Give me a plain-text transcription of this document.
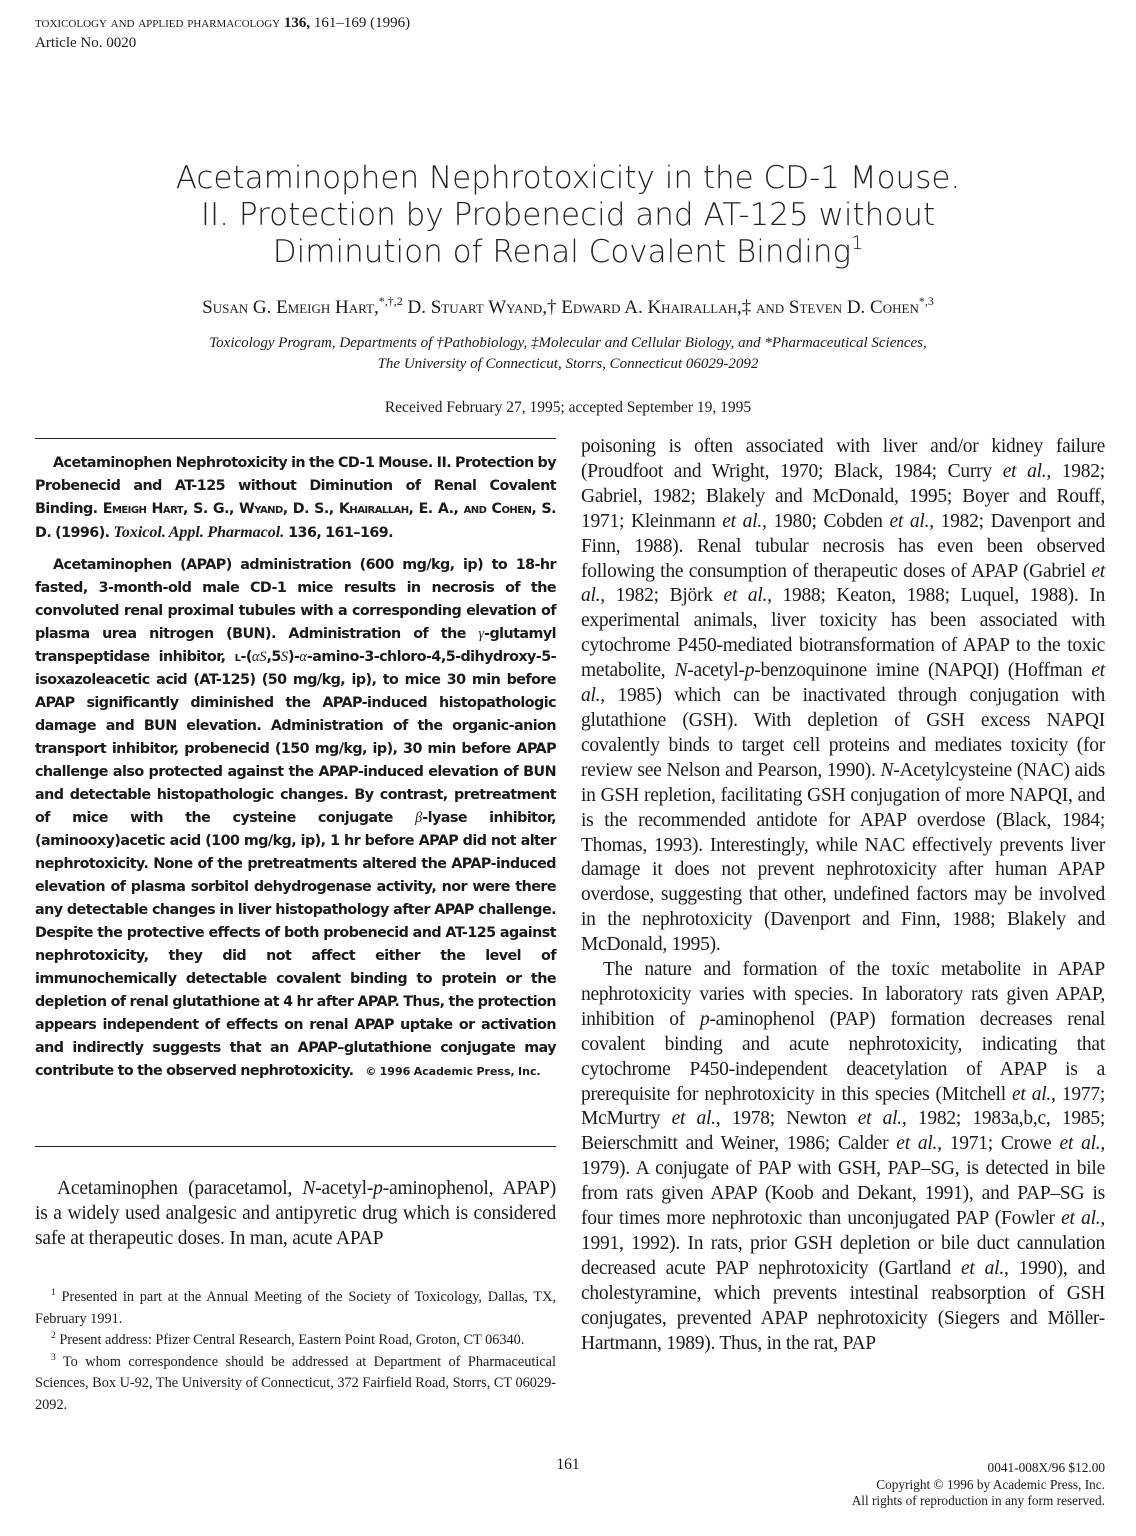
toxicology and applied pharmacology 136, 161–169 (1996)
Article No. 0020
Acetaminophen Nephrotoxicity in the CD-1 Mouse.
II. Protection by Probenecid and AT-125 without
Diminution of Renal Covalent Binding$^1$
Susan G. Emeigh Hart,$^{*,\dagger,2}$ D. Stuart Wyand,† Edward A. Khairallah,‡ and Steven D. Cohen$^{*,3}$
Toxicology Program, Departments of †Pathobiology, ‡Molecular and Cellular Biology, and *Pharmaceutical Sciences,
The University of Connecticut, Storrs, Connecticut 06029-2092
Received February 27, 1995; accepted September 19, 1995

Acetaminophen Nephrotoxicity in the CD-1 Mouse. II. Protection by Probenecid and AT-125 without Diminution of Renal Covalent Binding. Emeigh Hart, S. G., Wyand, D. S., Khairallah, E. A., and Cohen, S. D. (1996). Toxicol. Appl. Pharmacol. 136, 161–169.

Acetaminophen (APAP) administration (600 mg/kg, ip) to 18-hr fasted, 3-month-old male CD-1 mice results in necrosis of the convoluted renal proximal tubules with a corresponding elevation of plasma urea nitrogen (BUN). Administration of the γ-glutamyl transpeptidase inhibitor, l-(αS,5S)-α-amino-3-chloro-4,5-dihydroxy-5-isoxazoleacetic acid (AT-125) (50 mg/kg, ip), to mice 30 min before APAP significantly diminished the APAP-induced histopathologic damage and BUN elevation. Administration of the organic-anion transport inhibitor, probenecid (150 mg/kg, ip), 30 min before APAP challenge also protected against the APAP-induced elevation of BUN and detectable histopathologic changes. By contrast, pretreatment of mice with the cysteine conjugate β-lyase inhibitor, (aminooxy)acetic acid (100 mg/kg, ip), 1 hr before APAP did not alter nephrotoxicity. None of the pretreatments altered the APAP-induced elevation of plasma sorbitol dehydrogenase activity, nor were there any detectable changes in liver histopathology after APAP challenge. Despite the protective effects of both probenecid and AT-125 against nephrotoxicity, they did not affect either the level of immunochemically detectable covalent binding to protein or the depletion of renal glutathione at 4 hr after APAP. Thus, the protection appears independent of effects on renal APAP uptake or activation and indirectly suggests that an APAP–glutathione conjugate may contribute to the observed nephrotoxicity. © 1996 Academic Press, Inc.

Acetaminophen (paracetamol, N-acetyl-p-aminophenol, APAP) is a widely used analgesic and antipyretic drug which is considered safe at therapeutic doses. In man, acute APAP

$^1$ Presented in part at the Annual Meeting of the Society of Toxicology, Dallas, TX, February 1991.

$^2$ Present address: Pfizer Central Research, Eastern Point Road, Groton, CT 06340.

$^3$ To whom correspondence should be addressed at Department of Pharmaceutical Sciences, Box U-92, The University of Connecticut, 372 Fairfield Road, Storrs, CT 06029-2092.

poisoning is often associated with liver and/or kidney failure (Proudfoot and Wright, 1970; Black, 1984; Curry et al., 1982; Gabriel, 1982; Blakely and McDonald, 1995; Boyer and Rouff, 1971; Kleinmann et al., 1980; Cobden et al., 1982; Davenport and Finn, 1988). Renal tubular necrosis has even been observed following the consumption of therapeutic doses of APAP (Gabriel et al., 1982; Björk et al., 1988; Keaton, 1988; Luquel, 1988). In experimental animals, liver toxicity has been associated with cytochrome P450-mediated biotransformation of APAP to the toxic metabolite, N-acetyl-p-benzoquinone imine (NAPQI) (Hoffman et al., 1985) which can be inactivated through conjugation with glutathione (GSH). With depletion of GSH excess NAPQI covalently binds to target cell proteins and mediates toxicity (for review see Nelson and Pearson, 1990). N-Acetylcysteine (NAC) aids in GSH repletion, facilitating GSH conjugation of more NAPQI, and is the recommended antidote for APAP overdose (Black, 1984; Thomas, 1993). Interestingly, while NAC effectively prevents liver damage it does not prevent nephrotoxicity after human APAP overdose, suggesting that other, undefined factors may be involved in the nephrotoxicity (Davenport and Finn, 1988; Blakely and McDonald, 1995).

The nature and formation of the toxic metabolite in APAP nephrotoxicity varies with species. In laboratory rats given APAP, inhibition of p-aminophenol (PAP) formation decreases renal covalent binding and acute nephrotoxicity, indicating that cytochrome P450-independent deacetylation of APAP is a prerequisite for nephrotoxicity in this species (Mitchell et al., 1977; McMurtry et al., 1978; Newton et al., 1982; 1983a,b,c, 1985; Beierschmitt and Weiner, 1986; Calder et al., 1971; Crowe et al., 1979). A conjugate of PAP with GSH, PAP–SG, is detected in bile from rats given APAP (Koob and Dekant, 1991), and PAP–SG is four times more nephrotoxic than unconjugated PAP (Fowler et al., 1991, 1992). In rats, prior GSH depletion or bile duct cannulation decreased acute PAP nephrotoxicity (Gartland et al., 1990), and cholestyramine, which prevents intestinal reabsorption of GSH conjugates, prevented APAP nephrotoxicity (Siegers and Möller-Hartmann, 1989). Thus, in the rat, PAP

161	0041-008X/96 $12.00
Copyright © 1996 by Academic Press, Inc.
All rights of reproduction in any form reserved.
